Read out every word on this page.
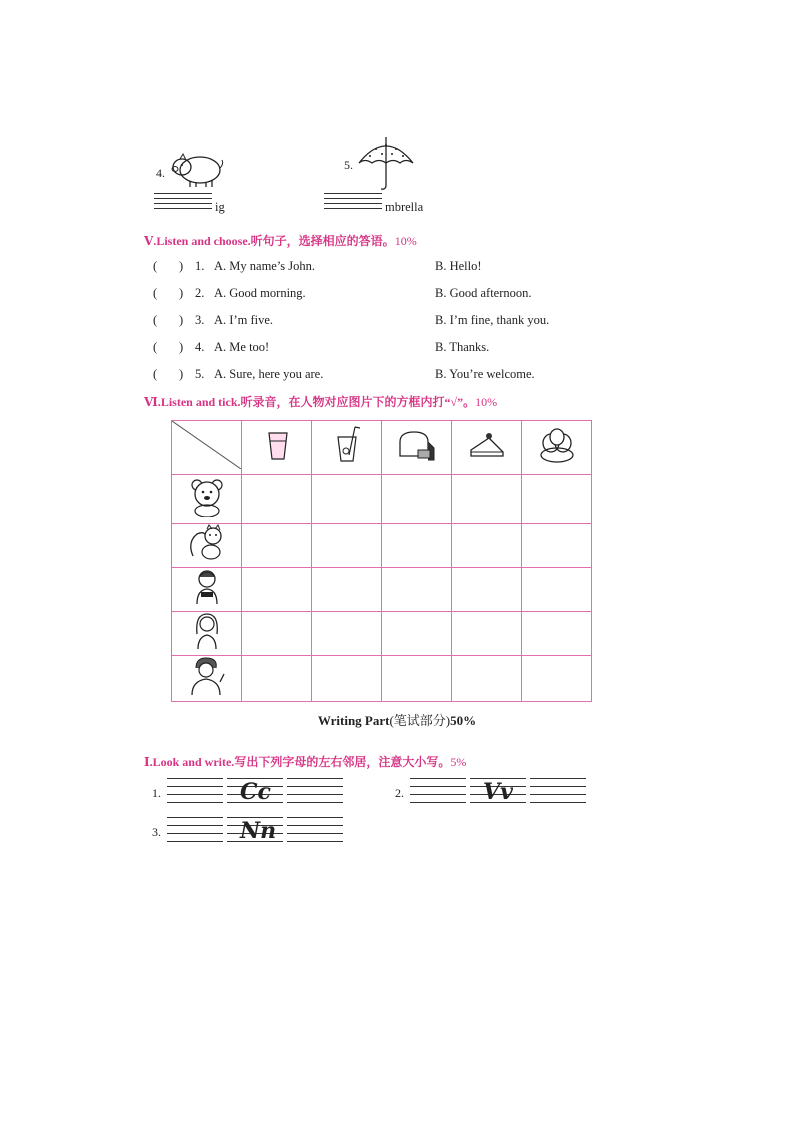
4.
ig
5.
mbrella
Ⅴ.Listen and choose.听句子，选择相应的答语。10%
(       ) 1. A. My name’s John.	B. Hello!
(       ) 2. A. Good morning.	B. Good afternoon.
(       ) 3. A. I’m five.	B. I’m fine, thank you.
(       ) 4. A. Me too!	B. Thanks.
(       ) 5. A. Sure, here you are.	B. You’re welcome.
Ⅵ.Listen and tick.听录音，在人物对应图片下的方框内打“√”。10%

Writing Part(笔试部分)50%
Ⅰ.Look and write.写出下列字母的左右邻居，注意大小写。5%
1.	Cc	2.	Vv
3.	Nn
